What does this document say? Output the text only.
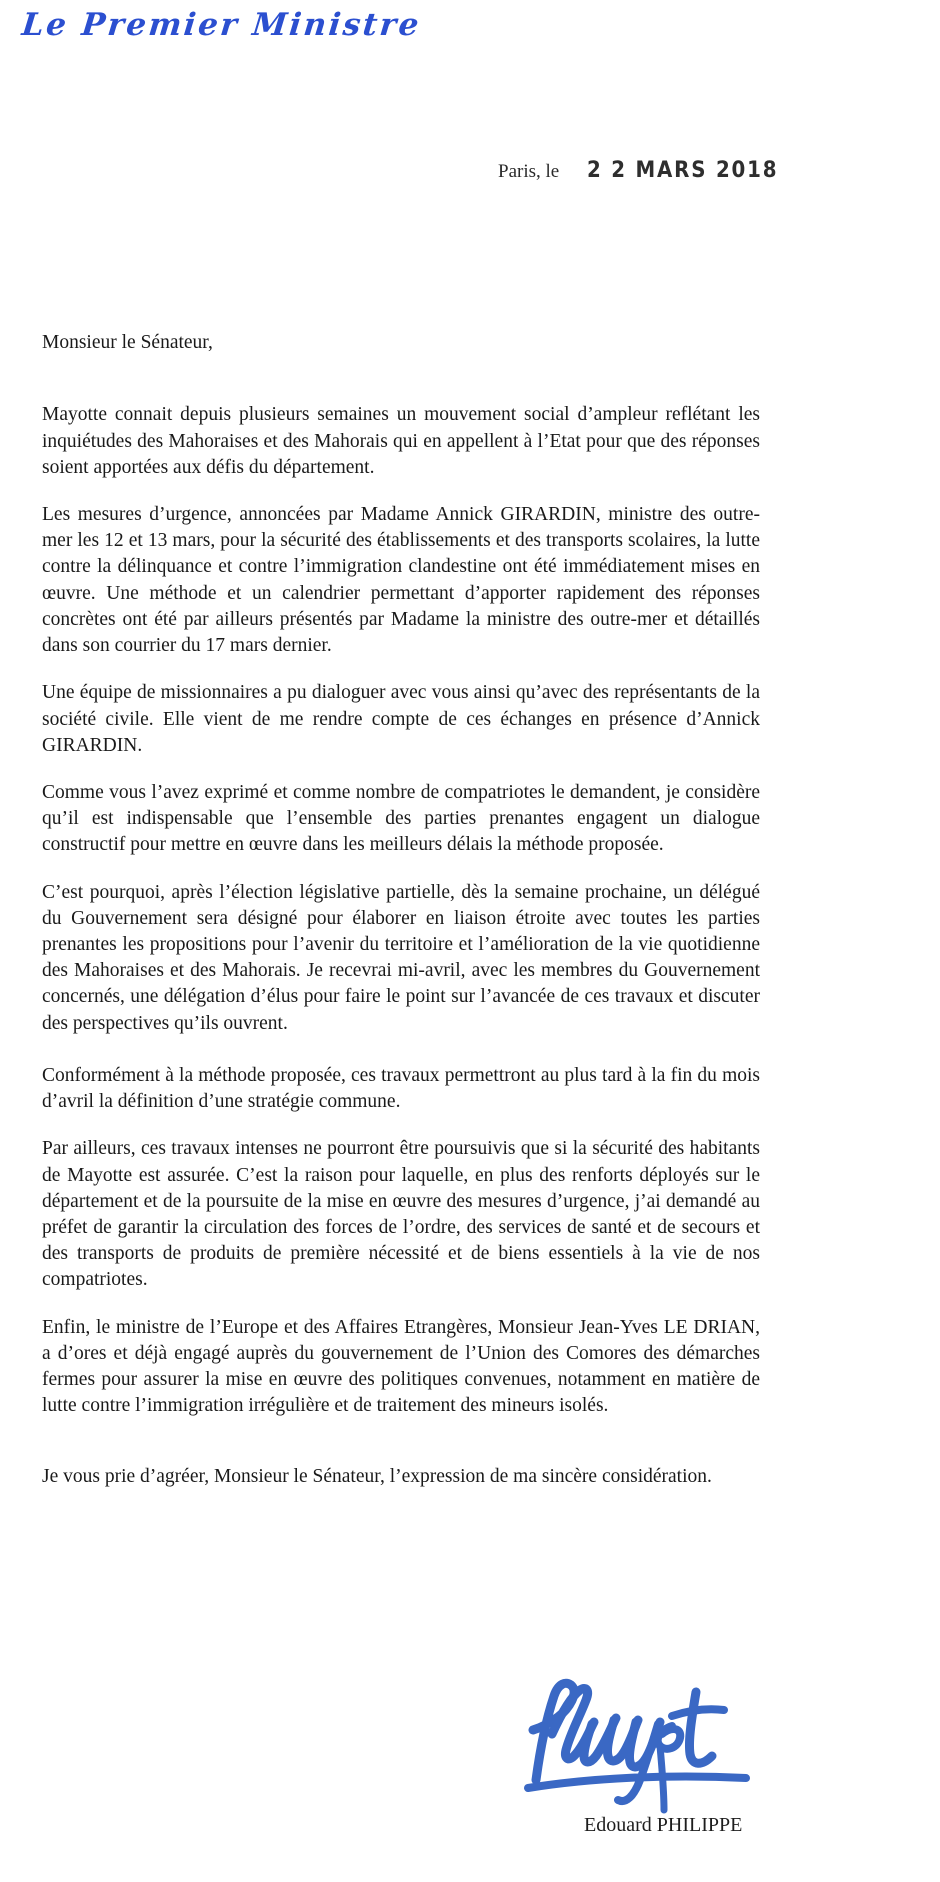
Le Premier Ministre
Paris, le 2 2 MARS 2018

Monsieur le Sénateur,

Mayotte connait depuis plusieurs semaines un mouvement social d’ampleur reflétant les inquiétudes des Mahoraises et des Mahorais qui en appellent à l’Etat pour que des réponses soient apportées aux défis du département.

Les mesures d’urgence, annoncées par Madame Annick GIRARDIN, ministre des outre-mer les 12 et 13 mars, pour la sécurité des établissements et des transports scolaires, la lutte contre la délinquance et contre l’immigration clandestine ont été immédiatement mises en œuvre. Une méthode et un calendrier permettant d’apporter rapidement des réponses concrètes ont été par ailleurs présentés par Madame la ministre des outre-mer et détaillés dans son courrier du 17 mars dernier.

Une équipe de missionnaires a pu dialoguer avec vous ainsi qu’avec des représentants de la société civile. Elle vient de me rendre compte de ces échanges en présence d’Annick GIRARDIN.

Comme vous l’avez exprimé et comme nombre de compatriotes le demandent, je considère qu’il est indispensable que l’ensemble des parties prenantes engagent un dialogue constructif pour mettre en œuvre dans les meilleurs délais la méthode proposée.

C’est pourquoi, après l’élection législative partielle, dès la semaine prochaine, un délégué du Gouvernement sera désigné pour élaborer en liaison étroite avec toutes les parties prenantes les propositions pour l’avenir du territoire et l’amélioration de la vie quotidienne des Mahoraises et des Mahorais. Je recevrai mi-avril, avec les membres du Gouvernement concernés, une délégation d’élus pour faire le point sur l’avancée de ces travaux et discuter des perspectives qu’ils ouvrent.

Conformément à la méthode proposée, ces travaux permettront au plus tard à la fin du mois d’avril la définition d’une stratégie commune.

Par ailleurs, ces travaux intenses ne pourront être poursuivis que si la sécurité des habitants de Mayotte est assurée. C’est la raison pour laquelle, en plus des renforts déployés sur le département et de la poursuite de la mise en œuvre des mesures d’urgence, j’ai demandé au préfet de garantir la circulation des forces de l’ordre, des services de santé et de secours et des transports de produits de première nécessité et de biens essentiels à la vie de nos compatriotes.

Enfin, le ministre de l’Europe et des Affaires Etrangères, Monsieur Jean-Yves LE DRIAN, a d’ores et déjà engagé auprès du gouvernement de l’Union des Comores des démarches fermes pour assurer la mise en œuvre des politiques convenues, notamment en matière de lutte contre l’immigration irrégulière et de traitement des mineurs isolés.

Je vous prie d’agréer, Monsieur le Sénateur, l’expression de ma sincère considération.

Edouard PHILIPPE
